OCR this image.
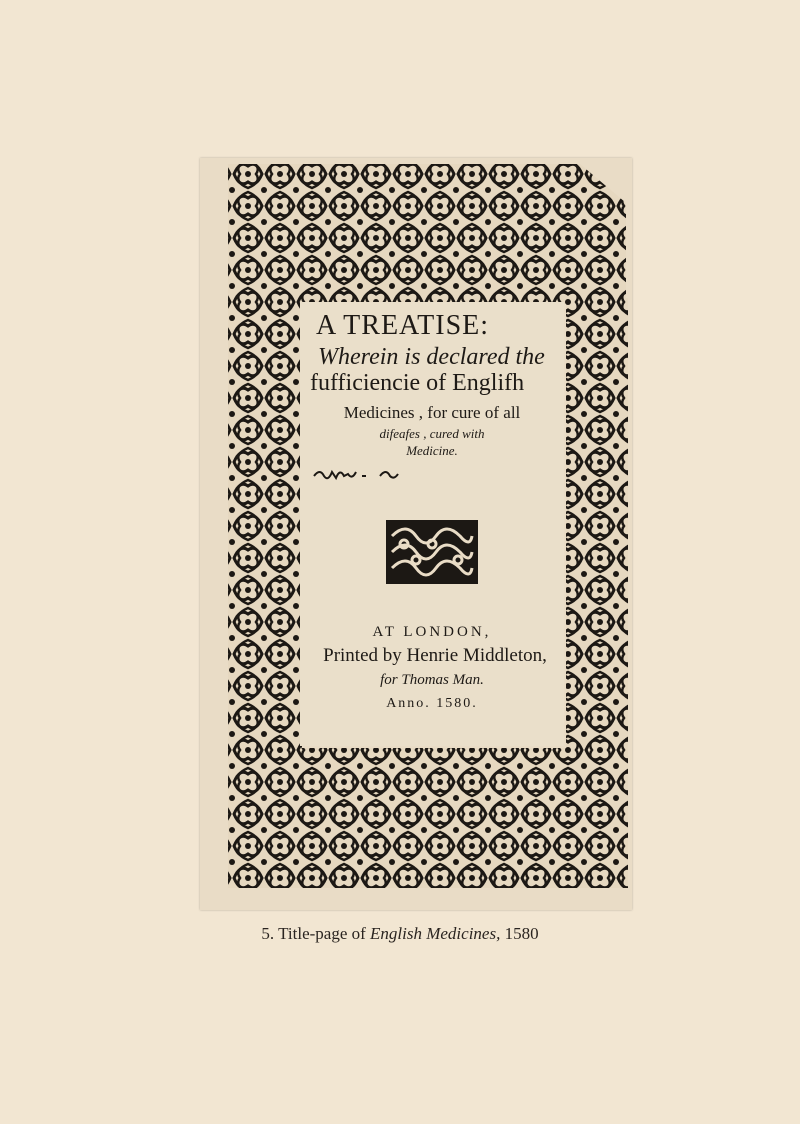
A TREATISE:
Wherein is declared the
fufficiencie of Englifh
Medicines , for cure of all
difeafes , cured with
Medicine.
AT LONDON,
Printed by Henrie Middleton,
for Thomas Man.
Anno. 1580.
5. Title-page of English Medicines, 1580
